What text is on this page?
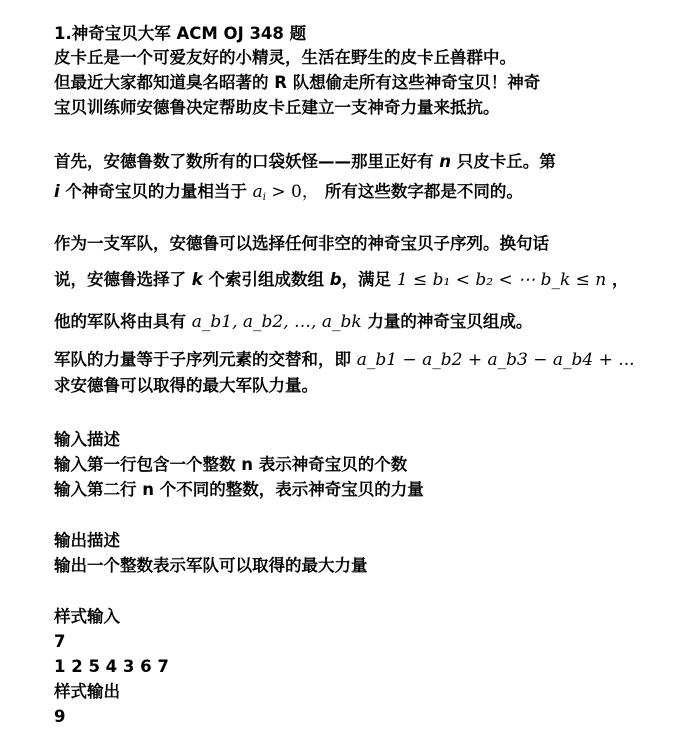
1.神奇宝贝大军 ACM OJ 348 题
皮卡丘是一个可爱友好的小精灵，生活在野生的皮卡丘兽群中。
但最近大家都知道臭名昭著的 R 队想偷走所有这些神奇宝贝！神奇
宝贝训练师安德鲁决定帮助皮卡丘建立一支神奇力量来抵抗。
首先，安德鲁数了数所有的口袋妖怪——那里正好有 n 只皮卡丘。第
i 个神奇宝贝的力量相当于 $a_i > 0$， 所有这些数字都是不同的。
作为一支军队，安德鲁可以选择任何非空的神奇宝贝子序列。换句话
说，安德鲁选择了 k 个索引组成数组 b，满足 1 ≤ b₁ < b₂ < ⋯ b_k ≤ n ，
他的军队将由具有 a_b1, a_b2, …, a_bk 力量的神奇宝贝组成。
军队的力量等于子序列元素的交替和，即 a_b1 − a_b2 + a_b3 − a_b4 + ...
求安德鲁可以取得的最大军队力量。
输入描述
输入第一行包含一个整数 n 表示神奇宝贝的个数
输入第二行 n 个不同的整数，表示神奇宝贝的力量
输出描述
输出一个整数表示军队可以取得的最大力量
样式输入
7
1 2 5 4 3 6 7
样式输出
9
